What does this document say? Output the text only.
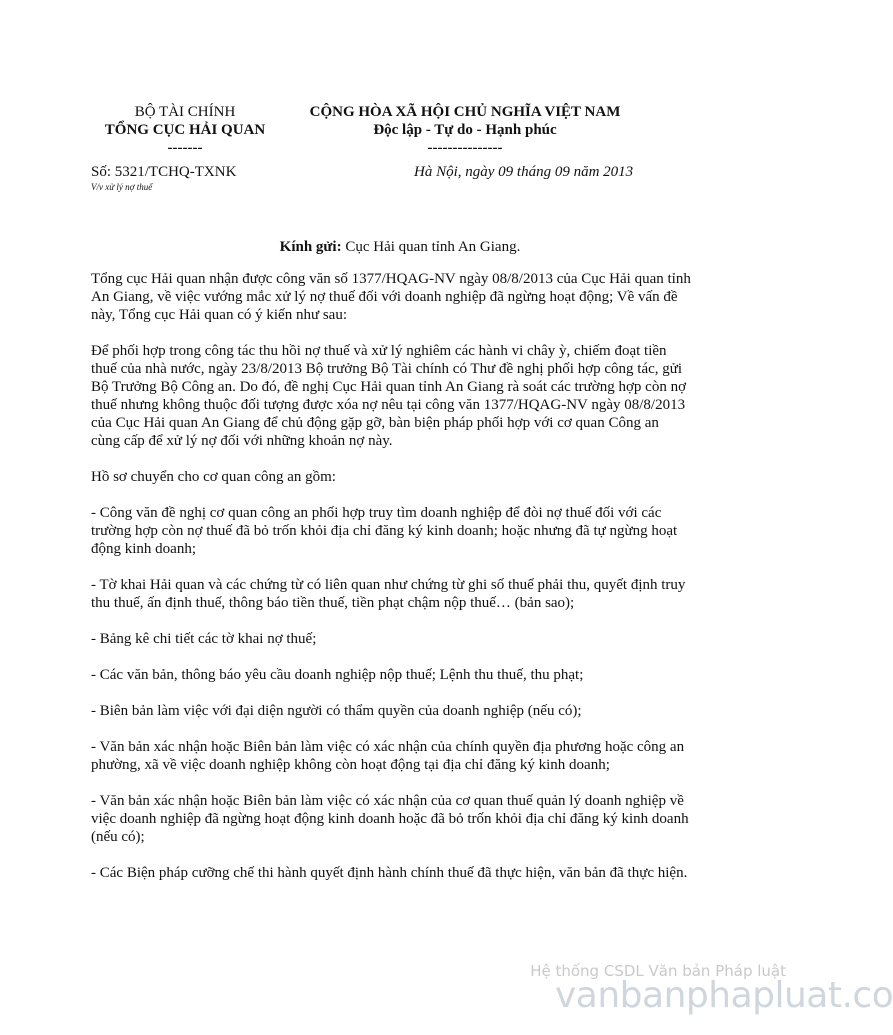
BỘ TÀI CHÍNH
TỔNG CỤC HẢI QUAN
-------
CỘNG HÒA XÃ HỘI CHỦ NGHĨA VIỆT NAM
Độc lập - Tự do - Hạnh phúc
---------------
Số: 5321/TCHQ-TXNK
V/v xử lý nợ thuế
Hà Nội, ngày 09 tháng 09 năm 2013
Kính gửi: Cục Hải quan tỉnh An Giang.

Tổng cục Hải quan nhận được công văn số 1377/HQAG-NV ngày 08/8/2013 của Cục Hải quan tỉnh An Giang, về việc vướng mắc xử lý nợ thuế đối với doanh nghiệp đã ngừng hoạt động; Về vấn đề này, Tổng cục Hải quan có ý kiến như sau:

Để phối hợp trong công tác thu hồi nợ thuế và xử lý nghiêm các hành vi chây ỳ, chiếm đoạt tiền thuế của nhà nước, ngày 23/8/2013 Bộ trưởng Bộ Tài chính có Thư đề nghị phối hợp công tác, gửi Bộ Trưởng Bộ Công an. Do đó, đề nghị Cục Hải quan tỉnh An Giang rà soát các trường hợp còn nợ thuế nhưng không thuộc đối tượng được xóa nợ nêu tại công văn 1377/HQAG-NV ngày 08/8/2013 của Cục Hải quan An Giang để chủ động gặp gỡ, bàn biện pháp phối hợp với cơ quan Công an cùng cấp để xử lý nợ đối với những khoản nợ này.

Hồ sơ chuyển cho cơ quan công an gồm:

- Công văn đề nghị cơ quan công an phối hợp truy tìm doanh nghiệp để đòi nợ thuế đối với các trường hợp còn nợ thuế đã bỏ trốn khỏi địa chỉ đăng ký kinh doanh; hoặc nhưng đã tự ngừng hoạt động kinh doanh;

- Tờ khai Hải quan và các chứng từ có liên quan như chứng từ ghi số thuế phải thu, quyết định truy thu thuế, ấn định thuế, thông báo tiền thuế, tiền phạt chậm nộp thuế… (bản sao);

- Bảng kê chi tiết các tờ khai nợ thuế;

- Các văn bản, thông báo yêu cầu doanh nghiệp nộp thuế; Lệnh thu thuế, thu phạt;

- Biên bản làm việc với đại diện người có thẩm quyền của doanh nghiệp (nếu có);

- Văn bản xác nhận hoặc Biên bản làm việc có xác nhận của chính quyền địa phương hoặc công an phường, xã về việc doanh nghiệp không còn hoạt động tại địa chỉ đăng ký kinh doanh;

- Văn bản xác nhận hoặc Biên bản làm việc có xác nhận của cơ quan thuế quản lý doanh nghiệp về việc doanh nghiệp đã ngừng hoạt động kinh doanh hoặc đã bỏ trốn khỏi địa chỉ đăng ký kinh doanh (nếu có);

- Các Biện pháp cưỡng chế thi hành quyết định hành chính thuế đã thực hiện, văn bản đã thực hiện.

Hệ thống CSDL Văn bản Pháp luật
vanbanphapluat.co
